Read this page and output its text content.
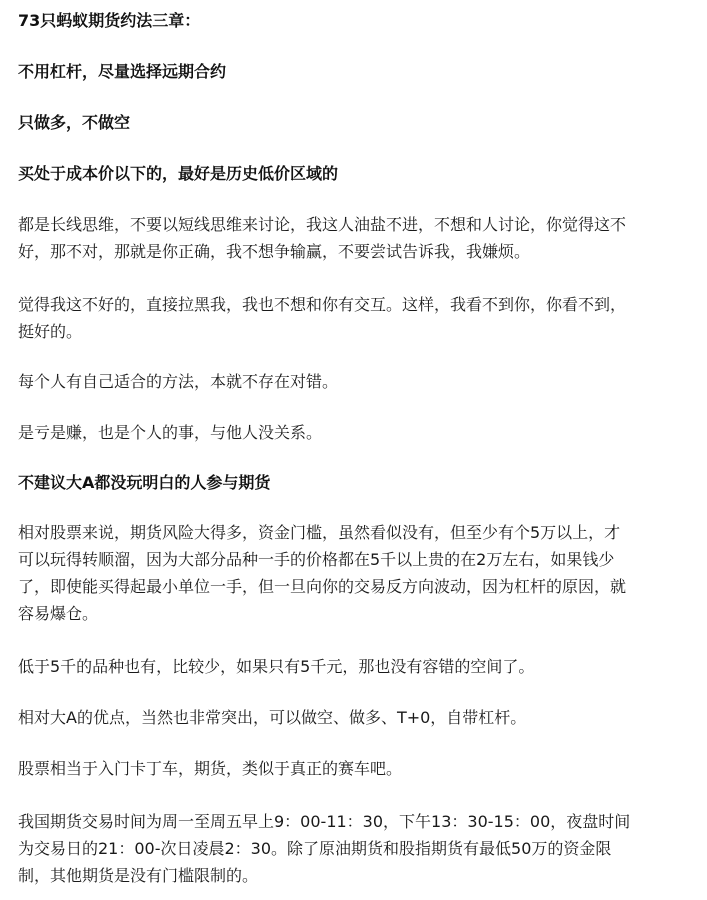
73只蚂蚁期货约法三章：
不用杠杆，尽量选择远期合约
只做多，不做空
买处于成本价以下的，最好是历史低价区域的
都是长线思维，不要以短线思维来讨论，我这人油盐不进，不想和人讨论，你觉得这不
好，那不对，那就是你正确，我不想争输赢，不要尝试告诉我，我嫌烦。
觉得我这不好的，直接拉黑我，我也不想和你有交互。这样，我看不到你，你看不到，
挺好的。
每个人有自己适合的方法，本就不存在对错。
是亏是赚，也是个人的事，与他人没关系。
不建议大A都没玩明白的人参与期货
相对股票来说，期货风险大得多，资金门槛，虽然看似没有，但至少有个5万以上，才
可以玩得转顺溜，因为大部分品种一手的价格都在5千以上贵的在2万左右，如果钱少
了，即使能买得起最小单位一手，但一旦向你的交易反方向波动，因为杠杆的原因，就
容易爆仓。
低于5千的品种也有，比较少，如果只有5千元，那也没有容错的空间了。
相对大A的优点，当然也非常突出，可以做空、做多、T+0，自带杠杆。
股票相当于入门卡丁车，期货，类似于真正的赛车吧。
我国期货交易时间为周一至周五早上9：00-11：30，下午13：30-15：00，夜盘时间
为交易日的21：00-次日凌晨2：30。除了原油期货和股指期货有最低50万的资金限
制，其他期货是没有门槛限制的。
